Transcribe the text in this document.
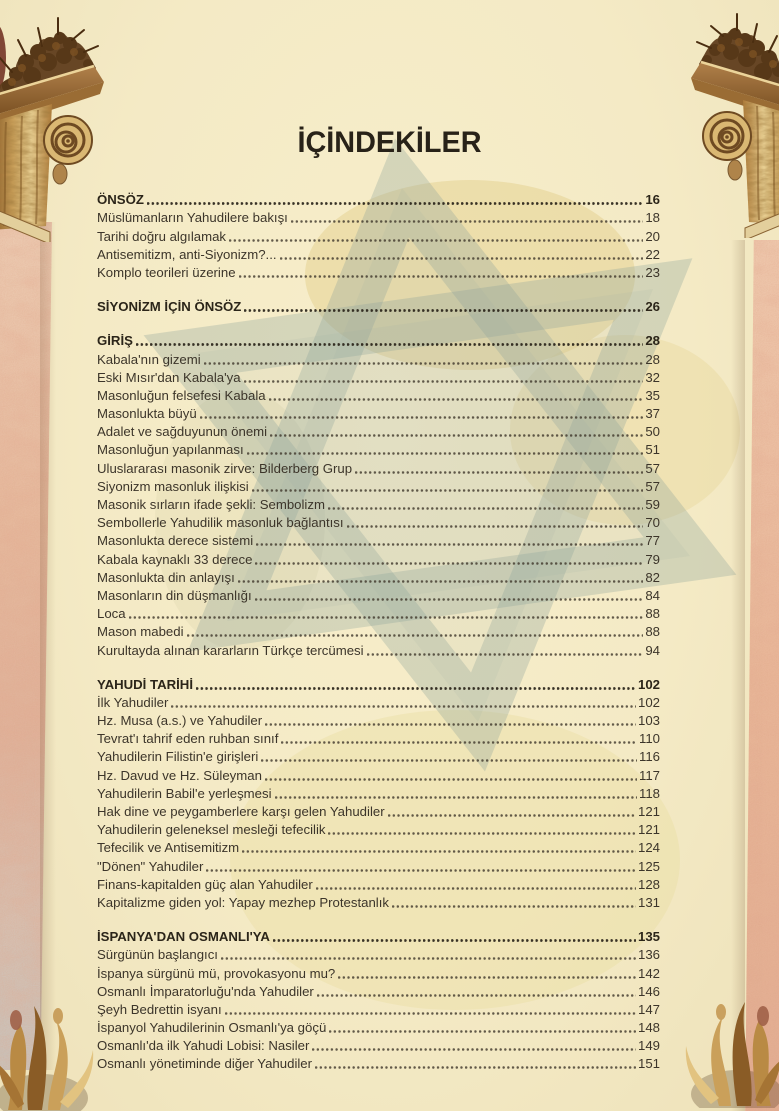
İÇİNDEKİLER
ÖNSÖZ	16
Müslümanların Yahudilere bakışı	18
Tarihi doğru algılamak	20
Antisemitizm, anti-Siyonizm?...	22
Komplo teorileri üzerine	23
SİYONİZM İÇİN ÖNSÖZ	26
GİRİŞ	28
Kabala'nın gizemi	28
Eski Mısır'dan Kabala'ya	32
Masonluğun felsefesi Kabala	35
Masonlukta büyü	37
Adalet ve sağduyunun önemi	50
Masonluğun yapılanması	51
Uluslararası masonik zirve: Bilderberg Grup	57
Siyonizm masonluk ilişkisi	57
Masonik sırların ifade şekli: Sembolizm	59
Sembollerle Yahudilik masonluk bağlantısı	70
Masonlukta derece sistemi	77
Kabala kaynaklı 33 derece	79
Masonlukta din anlayışı	82
Masonların din düşmanlığı	84
Loca	88
Mason mabedi	88
Kurultayda alınan kararların Türkçe tercümesi	94
YAHUDİ TARİHİ	102
İlk Yahudiler	102
Hz. Musa (a.s.) ve Yahudiler	103
Tevrat'ı tahrif eden ruhban sınıf	110
Yahudilerin Filistin'e girişleri	116
Hz. Davud ve Hz. Süleyman	117
Yahudilerin Babil'e yerleşmesi	118
Hak dine ve peygamberlere karşı gelen Yahudiler	121
Yahudilerin geleneksel mesleği tefecilik	121
Tefecilik ve Antisemitizm	124
"Dönen" Yahudiler	125
Finans-kapitalden güç alan Yahudiler	128
Kapitalizme giden yol: Yapay mezhep Protestanlık	131
İSPANYA'DAN OSMANLI'YA	135
Sürgünün başlangıcı	136
İspanya sürgünü mü, provokasyonu mu?	142
Osmanlı İmparatorluğu'nda Yahudiler	146
Şeyh Bedrettin isyanı	147
İspanyol Yahudilerinin Osmanlı'ya göçü	148
Osmanlı'da ilk Yahudi Lobisi: Nasiler	149
Osmanlı yönetiminde diğer Yahudiler	151
